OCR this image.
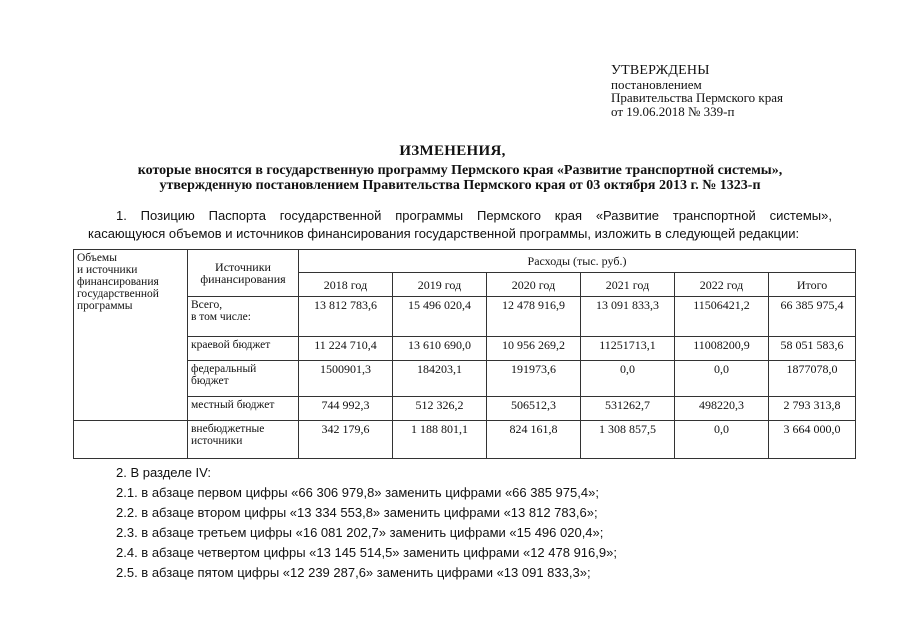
УТВЕРЖДЕНЫ
постановлением
Правительства Пермского края
от 19.06.2018 № 339-п
ИЗМЕНЕНИЯ,
которые вносятся в государственную программу Пермского края «Развитие транспортной системы»,
утвержденную постановлением Правительства Пермского края от 03 октября 2013 г. № 1323-п
1. Позицию Паспорта государственной программы Пермского края «Развитие транспортной системы»,
касающуюся объемов и источников финансирования государственной программы, изложить в следующей редакции:
Объемы
и источники
финансирования
государственной
программы	Источники
финансирования	Расходы (тыс. руб.)					
		2018 год	2019 год	2020 год	2021 год	2022 год	Итого
	Всего,
в том числе:	13 812 783,6	15 496 020,4	12 478 916,9	13 091 833,3	11506421,2	66 385 975,4
	краевой бюджет	11 224 710,4	13 610 690,0	10 956 269,2	11251713,1	11008200,9	58 051 583,6
	федеральный
бюджет	1500901,3	184203,1	191973,6	0,0	0,0	1877078,0
	местный бюджет	744 992,3	512 326,2	506512,3	531262,7	498220,3	2 793 313,8
	внебюджетные
источники	342 179,6	1 188 801,1	824 161,8	1 308 857,5	0,0	3 664 000,0
2. В разделе IV:
2.1. в абзаце первом цифры «66 306 979,8» заменить цифрами «66 385 975,4»;
2.2. в абзаце втором цифры «13 334 553,8» заменить цифрами «13 812 783,6»;
2.3. в абзаце третьем цифры «16 081 202,7» заменить цифрами «15 496 020,4»;
2.4. в абзаце четвертом цифры «13 145 514,5» заменить цифрами «12 478 916,9»;
2.5. в абзаце пятом цифры «12 239 287,6» заменить цифрами «13 091 833,3»;
